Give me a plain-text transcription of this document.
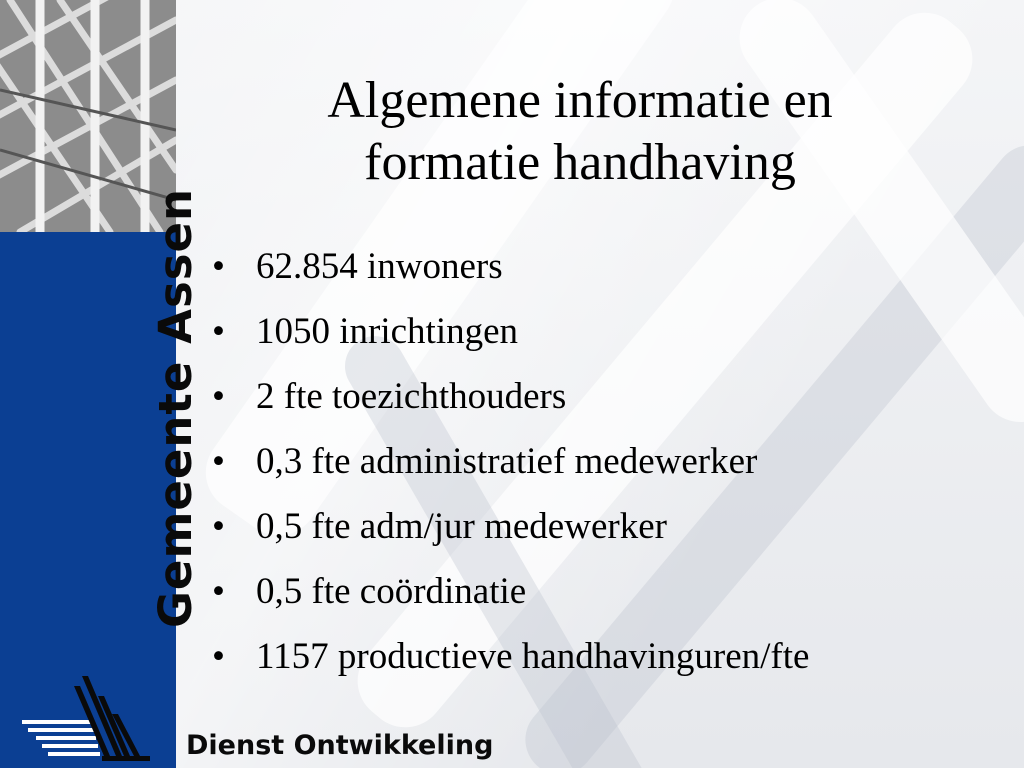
Gemeente Assen
Dienst Ontwikkeling
Algemene informatie en
formatie handhaving
• 62.854 inwoners
• 1050 inrichtingen
• 2 fte toezichthouders
• 0,3 fte administratief medewerker
• 0,5 fte adm/jur medewerker
• 0,5 fte coördinatie
• 1157 productieve handhavinguren/fte
